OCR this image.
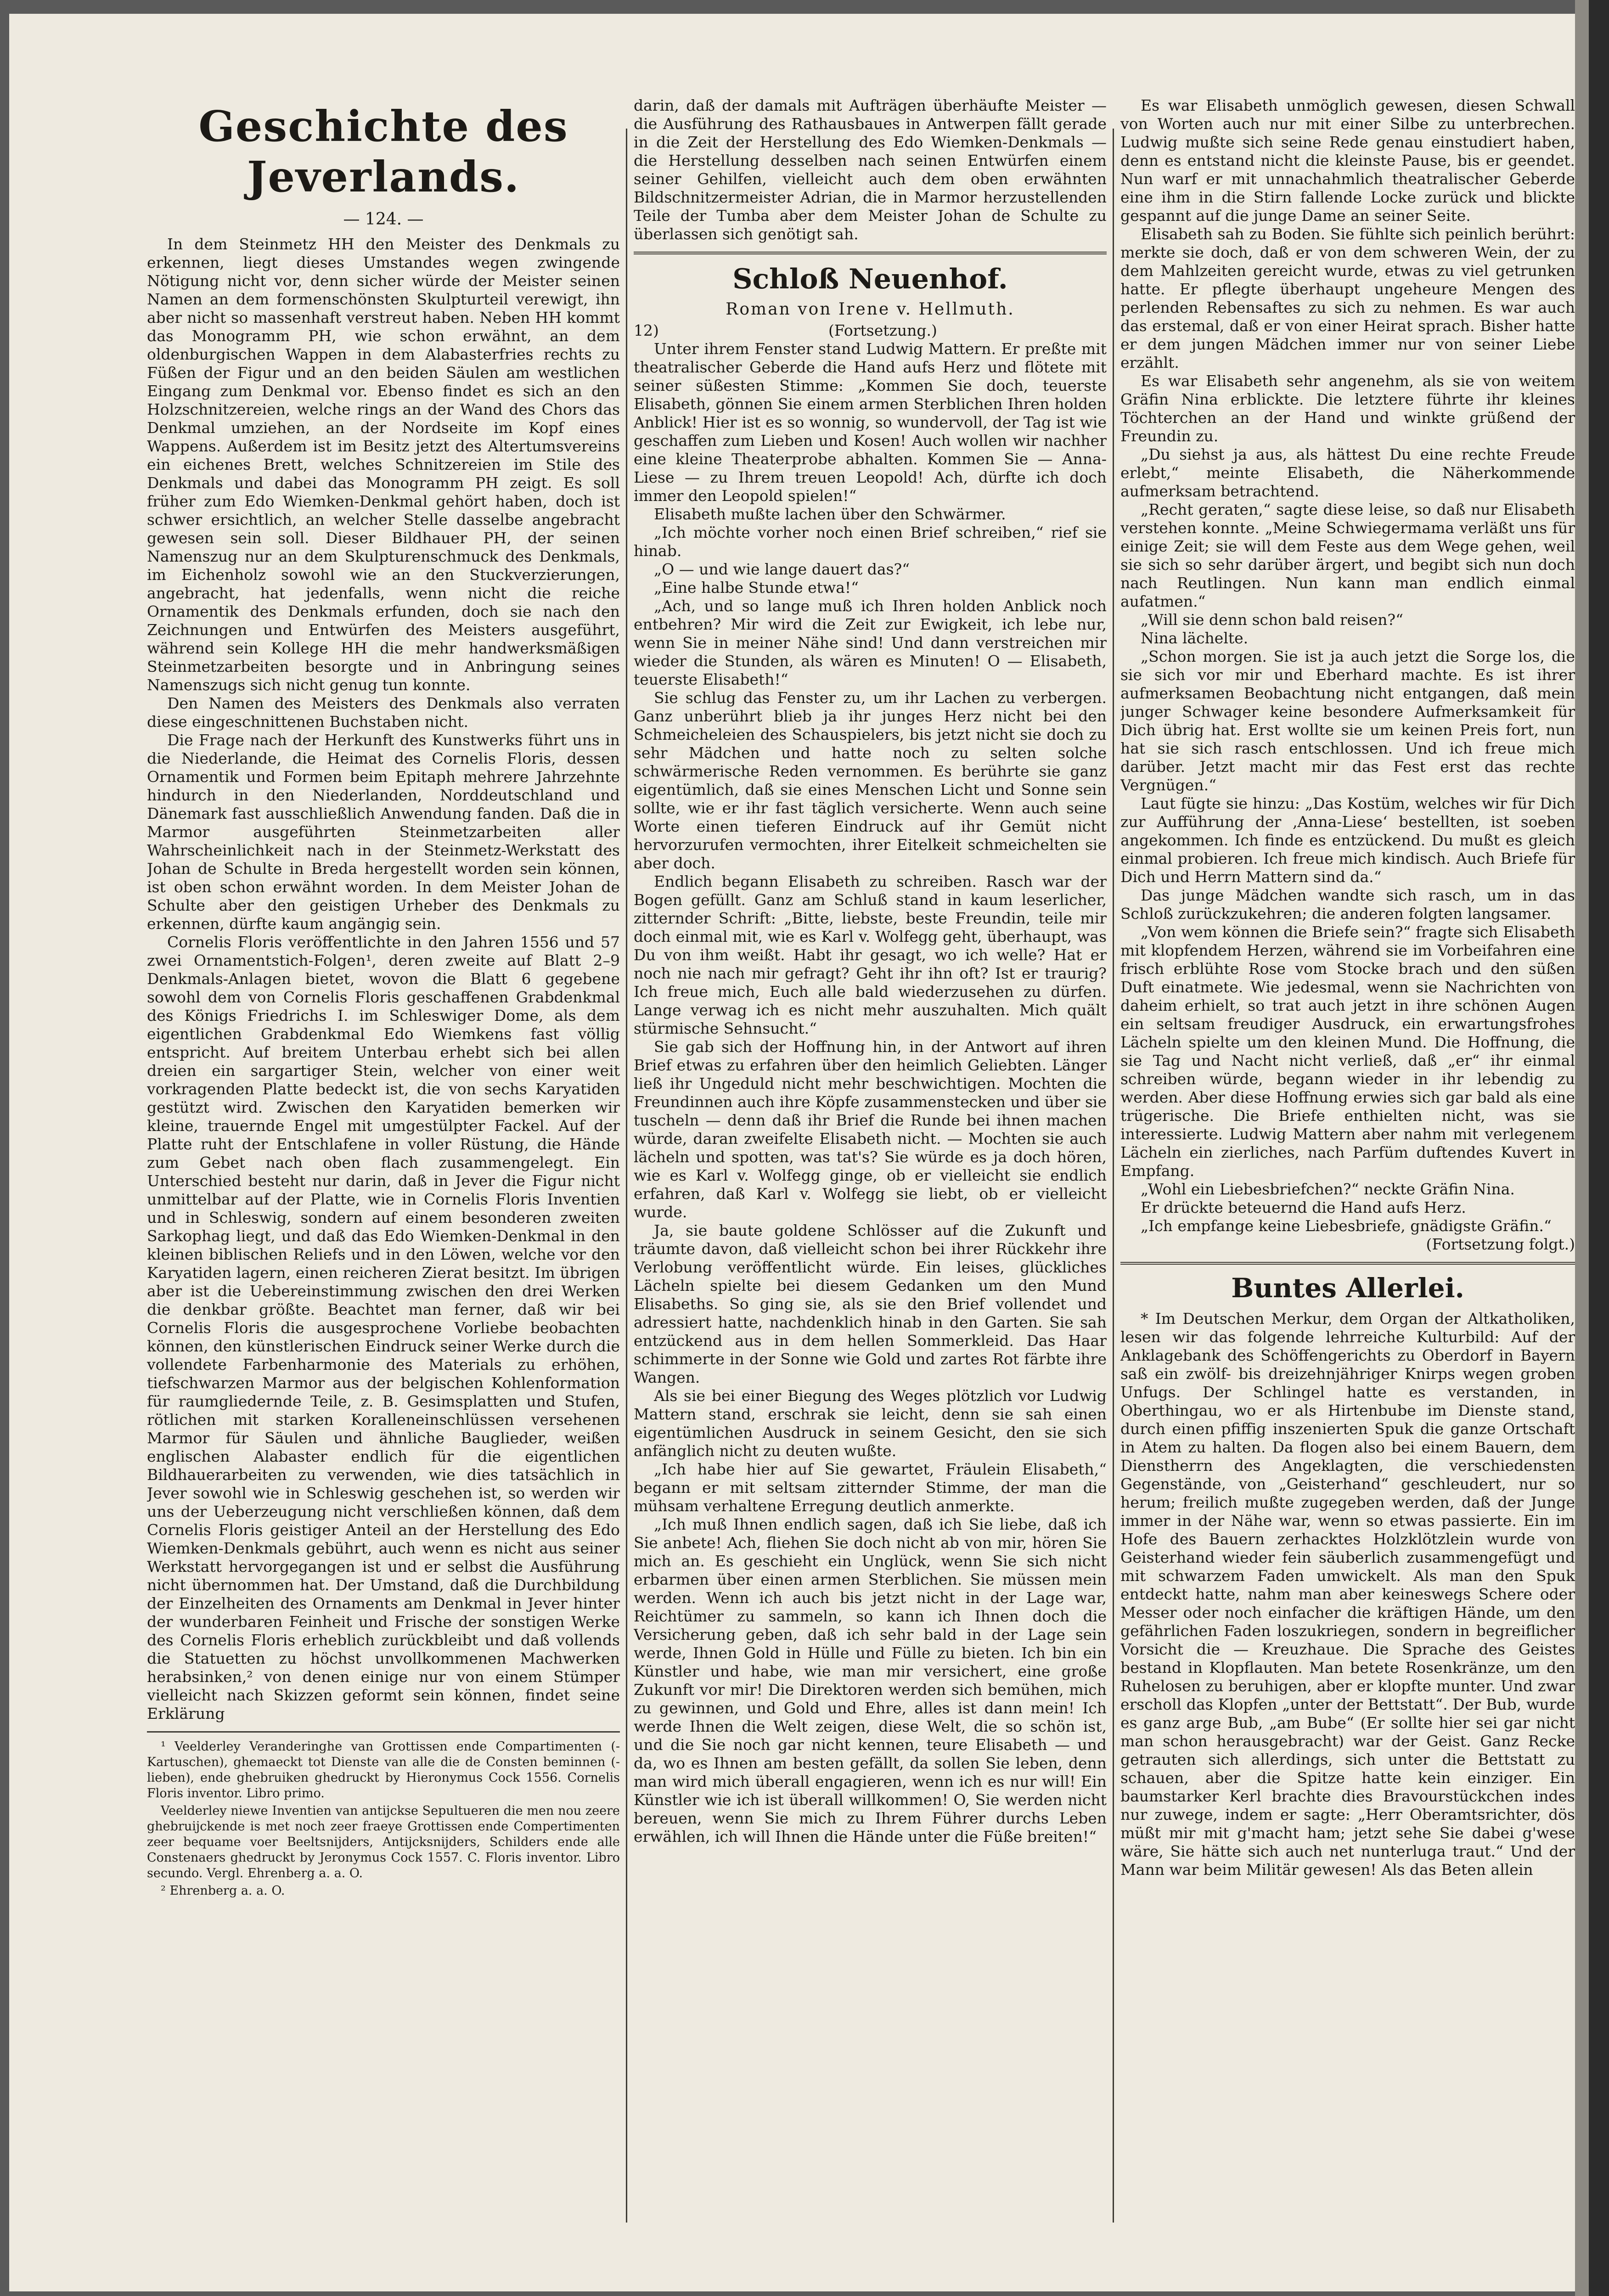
Geschichte des Jeverlands.
— 124. —

In dem Steinmetz HH den Meister des Denkmals zu erkennen, liegt dieses Umstandes wegen zwingende Nötigung nicht vor, denn sicher würde der Meister seinen Namen an dem formenschönsten Skulpturteil verewigt, ihn aber nicht so massenhaft verstreut haben. Neben HH kommt das Monogramm PH, wie schon erwähnt, an dem oldenburgischen Wappen in dem Alabasterfries rechts zu Füßen der Figur und an den beiden Säulen am westlichen Eingang zum Denkmal vor. Ebenso findet es sich an den Holzschnitzereien, welche rings an der Wand des Chors das Denkmal umziehen, an der Nordseite im Kopf eines Wappens. Außerdem ist im Besitz jetzt des Altertumsvereins ein eichenes Brett, welches Schnitzereien im Stile des Denkmals und dabei das Monogramm PH zeigt. Es soll früher zum Edo Wiemken-Denkmal gehört haben, doch ist schwer ersichtlich, an welcher Stelle dasselbe angebracht gewesen sein soll. Dieser Bildhauer PH, der seinen Namenszug nur an dem Skulpturenschmuck des Denkmals, im Eichenholz sowohl wie an den Stuckverzierungen, angebracht, hat jedenfalls, wenn nicht die reiche Ornamentik des Denkmals erfunden, doch sie nach den Zeichnungen und Entwürfen des Meisters ausgeführt, während sein Kollege HH die mehr handwerksmäßigen Steinmetzarbeiten besorgte und in Anbringung seines Namenszugs sich nicht genug tun konnte.

Den Namen des Meisters des Denkmals also verraten diese eingeschnittenen Buchstaben nicht.

Die Frage nach der Herkunft des Kunstwerks führt uns in die Niederlande, die Heimat des Cornelis Floris, dessen Ornamentik und Formen beim Epitaph mehrere Jahrzehnte hindurch in den Niederlanden, Norddeutschland und Dänemark fast ausschließlich Anwendung fanden. Daß die in Marmor ausgeführten Steinmetzarbeiten aller Wahrscheinlichkeit nach in der Steinmetz-Werkstatt des Johan de Schulte in Breda hergestellt worden sein können, ist oben schon erwähnt worden. In dem Meister Johan de Schulte aber den geistigen Urheber des Denkmals zu erkennen, dürfte kaum angängig sein.

Cornelis Floris veröffentlichte in den Jahren 1556 und 57 zwei Ornamentstich-Folgen¹, deren zweite auf Blatt 2–9 Denkmals-Anlagen bietet, wovon die Blatt 6 gegebene sowohl dem von Cornelis Floris geschaffenen Grabdenkmal des Königs Friedrichs I. im Schleswiger Dome, als dem eigentlichen Grabdenkmal Edo Wiemkens fast völlig entspricht. Auf breitem Unterbau erhebt sich bei allen dreien ein sargartiger Stein, welcher von einer weit vorkragenden Platte bedeckt ist, die von sechs Karyatiden gestützt wird. Zwischen den Karyatiden bemerken wir kleine, trauernde Engel mit umgestülpter Fackel. Auf der Platte ruht der Entschlafene in voller Rüstung, die Hände zum Gebet nach oben flach zusammengelegt. Ein Unterschied besteht nur darin, daß in Jever die Figur nicht unmittelbar auf der Platte, wie in Cornelis Floris Inventien und in Schleswig, sondern auf einem besonderen zweiten Sarkophag liegt, und daß das Edo Wiemken-Denkmal in den kleinen biblischen Reliefs und in den Löwen, welche vor den Karyatiden lagern, einen reicheren Zierat besitzt. Im übrigen aber ist die Uebereinstimmung zwischen den drei Werken die denkbar größte. Beachtet man ferner, daß wir bei Cornelis Floris die ausgesprochene Vorliebe beobachten können, den künstlerischen Eindruck seiner Werke durch die vollendete Farbenharmonie des Materials zu erhöhen, tiefschwarzen Marmor aus der belgischen Kohlenformation für raumgliedernde Teile, z. B. Gesimsplatten und Stufen, rötlichen mit starken Koralleneinschlüssen versehenen Marmor für Säulen und ähnliche Bauglieder, weißen englischen Alabaster endlich für die eigentlichen Bildhauerarbeiten zu verwenden, wie dies tatsächlich in Jever sowohl wie in Schleswig geschehen ist, so werden wir uns der Ueberzeugung nicht verschließen können, daß dem Cornelis Floris geistiger Anteil an der Herstellung des Edo Wiemken-Denkmals gebührt, auch wenn es nicht aus seiner Werkstatt hervorgegangen ist und er selbst die Ausführung nicht übernommen hat. Der Umstand, daß die Durchbildung der Einzelheiten des Ornaments am Denkmal in Jever hinter der wunderbaren Feinheit und Frische der sonstigen Werke des Cornelis Floris erheblich zurückbleibt und daß vollends die Statuetten zu höchst unvollkommenen Machwerken herabsinken,² von denen einige nur von einem Stümper vielleicht nach Skizzen geformt sein können, findet seine Erklärung

¹ Veelderley Veranderinghe van Grottissen ende Compartimenten (-Kartuschen), ghemaeckt tot Dienste van alle die de Consten beminnen (-lieben), ende ghebruiken ghedruckt by Hieronymus Cock 1556. Cornelis Floris inventor. Libro primo.

Veelderley niewe Inventien van antijckse Sepultueren die men nou zeere ghebruijckende is met noch zeer fraeye Grottissen ende Compertimenten zeer bequame voer Beeltsnijders, Antijcksnijders, Schilders ende alle Constenaers ghedruckt by Jeronymus Cock 1557. C. Floris inventor. Libro secundo. Vergl. Ehrenberg a. a. O.

² Ehrenberg a. a. O.

darin, daß der damals mit Aufträgen überhäufte Meister — die Ausführung des Rathausbaues in Antwerpen fällt gerade in die Zeit der Herstellung des Edo Wiemken-Denkmals — die Herstellung desselben nach seinen Entwürfen einem seiner Gehilfen, vielleicht auch dem oben erwähnten Bildschnitzermeister Adrian, die in Marmor herzustellenden Teile der Tumba aber dem Meister Johan de Schulte zu überlassen sich genötigt sah.

Schloß Neuenhof.
Roman von Irene v. Hellmuth.
12)	(Fortsetzung.)

Unter ihrem Fenster stand Ludwig Mattern. Er preßte mit theatralischer Geberde die Hand aufs Herz und flötete mit seiner süßesten Stimme: „Kommen Sie doch, teuerste Elisabeth, gönnen Sie einem armen Sterblichen Ihren holden Anblick! Hier ist es so wonnig, so wundervoll, der Tag ist wie geschaffen zum Lieben und Kosen! Auch wollen wir nachher eine kleine Theaterprobe abhalten. Kommen Sie — Anna-Liese — zu Ihrem treuen Leopold! Ach, dürfte ich doch immer den Leopold spielen!“

Elisabeth mußte lachen über den Schwärmer.

„Ich möchte vorher noch einen Brief schreiben,“ rief sie hinab.

„O — und wie lange dauert das?“

„Eine halbe Stunde etwa!“

„Ach, und so lange muß ich Ihren holden Anblick noch entbehren? Mir wird die Zeit zur Ewigkeit, ich lebe nur, wenn Sie in meiner Nähe sind! Und dann verstreichen mir wieder die Stunden, als wären es Minuten! O — Elisabeth, teuerste Elisabeth!“

Sie schlug das Fenster zu, um ihr Lachen zu verbergen. Ganz unberührt blieb ja ihr junges Herz nicht bei den Schmeicheleien des Schauspielers, bis jetzt nicht sie doch zu sehr Mädchen und hatte noch zu selten solche schwärmerische Reden vernommen. Es berührte sie ganz eigentümlich, daß sie eines Menschen Licht und Sonne sein sollte, wie er ihr fast täglich versicherte. Wenn auch seine Worte einen tieferen Eindruck auf ihr Gemüt nicht hervorzurufen vermochten, ihrer Eitelkeit schmeichelten sie aber doch.

Endlich begann Elisabeth zu schreiben. Rasch war der Bogen gefüllt. Ganz am Schluß stand in kaum leserlicher, zitternder Schrift: „Bitte, liebste, beste Freundin, teile mir doch einmal mit, wie es Karl v. Wolfegg geht, überhaupt, was Du von ihm weißt. Habt ihr gesagt, wo ich welle? Hat er noch nie nach mir gefragt? Geht ihr ihn oft? Ist er traurig? Ich freue mich, Euch alle bald wiederzusehen zu dürfen. Lange verwag ich es nicht mehr auszuhalten. Mich quält stürmische Sehnsucht.“

Sie gab sich der Hoffnung hin, in der Antwort auf ihren Brief etwas zu erfahren über den heimlich Geliebten. Länger ließ ihr Ungeduld nicht mehr beschwichtigen. Mochten die Freundinnen auch ihre Köpfe zusammenstecken und über sie tuscheln — denn daß ihr Brief die Runde bei ihnen machen würde, daran zweifelte Elisabeth nicht. — Mochten sie auch lächeln und spotten, was tat's? Sie würde es ja doch hören, wie es Karl v. Wolfegg ginge, ob er vielleicht sie endlich erfahren, daß Karl v. Wolfegg sie liebt, ob er vielleicht wurde.

Ja, sie baute goldene Schlösser auf die Zukunft und träumte davon, daß vielleicht schon bei ihrer Rückkehr ihre Verlobung veröffentlicht würde. Ein leises, glückliches Lächeln spielte bei diesem Gedanken um den Mund Elisabeths. So ging sie, als sie den Brief vollendet und adressiert hatte, nachdenklich hinab in den Garten. Sie sah entzückend aus in dem hellen Sommerkleid. Das Haar schimmerte in der Sonne wie Gold und zartes Rot färbte ihre Wangen.

Als sie bei einer Biegung des Weges plötzlich vor Ludwig Mattern stand, erschrak sie leicht, denn sie sah einen eigentümlichen Ausdruck in seinem Gesicht, den sie sich anfänglich nicht zu deuten wußte.

„Ich habe hier auf Sie gewartet, Fräulein Elisabeth,“ begann er mit seltsam zitternder Stimme, der man die mühsam verhaltene Erregung deutlich anmerkte.

„Ich muß Ihnen endlich sagen, daß ich Sie liebe, daß ich Sie anbete! Ach, fliehen Sie doch nicht ab von mir, hören Sie mich an. Es geschieht ein Unglück, wenn Sie sich nicht erbarmen über einen armen Sterblichen. Sie müssen mein werden. Wenn ich auch bis jetzt nicht in der Lage war, Reichtümer zu sammeln, so kann ich Ihnen doch die Versicherung geben, daß ich sehr bald in der Lage sein werde, Ihnen Gold in Hülle und Fülle zu bieten. Ich bin ein Künstler und habe, wie man mir versichert, eine große Zukunft vor mir! Die Direktoren werden sich bemühen, mich zu gewinnen, und Gold und Ehre, alles ist dann mein! Ich werde Ihnen die Welt zeigen, diese Welt, die so schön ist, und die Sie noch gar nicht kennen, teure Elisabeth — und da, wo es Ihnen am besten gefällt, da sollen Sie leben, denn man wird mich überall engagieren, wenn ich es nur will! Ein Künstler wie ich ist überall willkommen! O, Sie werden nicht bereuen, wenn Sie mich zu Ihrem Führer durchs Leben erwählen, ich will Ihnen die Hände unter die Füße breiten!“

Es war Elisabeth unmöglich gewesen, diesen Schwall von Worten auch nur mit einer Silbe zu unterbrechen. Ludwig mußte sich seine Rede genau einstudiert haben, denn es entstand nicht die kleinste Pause, bis er geendet. Nun warf er mit unnachahmlich theatralischer Geberde eine ihm in die Stirn fallende Locke zurück und blickte gespannt auf die junge Dame an seiner Seite.

Elisabeth sah zu Boden. Sie fühlte sich peinlich berührt: merkte sie doch, daß er von dem schweren Wein, der zu dem Mahlzeiten gereicht wurde, etwas zu viel getrunken hatte. Er pflegte überhaupt ungeheure Mengen des perlenden Rebensaftes zu sich zu nehmen. Es war auch das erstemal, daß er von einer Heirat sprach. Bisher hatte er dem jungen Mädchen immer nur von seiner Liebe erzählt.

Es war Elisabeth sehr angenehm, als sie von weitem Gräfin Nina erblickte. Die letztere führte ihr kleines Töchterchen an der Hand und winkte grüßend der Freundin zu.

„Du siehst ja aus, als hättest Du eine rechte Freude erlebt,“ meinte Elisabeth, die Näherkommende aufmerksam betrachtend.

„Recht geraten,“ sagte diese leise, so daß nur Elisabeth verstehen konnte. „Meine Schwiegermama verläßt uns für einige Zeit; sie will dem Feste aus dem Wege gehen, weil sie sich so sehr darüber ärgert, und begibt sich nun doch nach Reutlingen. Nun kann man endlich einmal aufatmen.“

„Will sie denn schon bald reisen?“

Nina lächelte.

„Schon morgen. Sie ist ja auch jetzt die Sorge los, die sie sich vor mir und Eberhard machte. Es ist ihrer aufmerksamen Beobachtung nicht entgangen, daß mein junger Schwager keine besondere Aufmerksamkeit für Dich übrig hat. Erst wollte sie um keinen Preis fort, nun hat sie sich rasch entschlossen. Und ich freue mich darüber. Jetzt macht mir das Fest erst das rechte Vergnügen.“

Laut fügte sie hinzu: „Das Kostüm, welches wir für Dich zur Aufführung der ‚Anna-Liese‘ bestellten, ist soeben angekommen. Ich finde es entzückend. Du mußt es gleich einmal probieren. Ich freue mich kindisch. Auch Briefe für Dich und Herrn Mattern sind da.“

Das junge Mädchen wandte sich rasch, um in das Schloß zurückzukehren; die anderen folgten langsamer.

„Von wem können die Briefe sein?“ fragte sich Elisabeth mit klopfendem Herzen, während sie im Vorbeifahren eine frisch erblühte Rose vom Stocke brach und den süßen Duft einatmete. Wie jedesmal, wenn sie Nachrichten von daheim erhielt, so trat auch jetzt in ihre schönen Augen ein seltsam freudiger Ausdruck, ein erwartungsfrohes Lächeln spielte um den kleinen Mund. Die Hoffnung, die sie Tag und Nacht nicht verließ, daß „er“ ihr einmal schreiben würde, begann wieder in ihr lebendig zu werden. Aber diese Hoffnung erwies sich gar bald als eine trügerische. Die Briefe enthielten nicht, was sie interessierte. Ludwig Mattern aber nahm mit verlegenem Lächeln ein zierliches, nach Parfüm duftendes Kuvert in Empfang.

„Wohl ein Liebesbriefchen?“ neckte Gräfin Nina.

Er drückte beteuernd die Hand aufs Herz.

„Ich empfange keine Liebesbriefe, gnädigste Gräfin.“

(Fortsetzung folgt.)
Buntes Allerlei.

* Im Deutschen Merkur, dem Organ der Altkatholiken, lesen wir das folgende lehrreiche Kulturbild: Auf der Anklagebank des Schöffengerichts zu Oberdorf in Bayern saß ein zwölf- bis dreizehnjähriger Knirps wegen groben Unfugs. Der Schlingel hatte es verstanden, in Oberthingau, wo er als Hirtenbube im Dienste stand, durch einen pfiffig inszenierten Spuk die ganze Ortschaft in Atem zu halten. Da flogen also bei einem Bauern, dem Dienstherrn des Angeklagten, die verschiedensten Gegenstände, von „Geisterhand“ geschleudert, nur so herum; freilich mußte zugegeben werden, daß der Junge immer in der Nähe war, wenn so etwas passierte. Ein im Hofe des Bauern zerhacktes Holzklötzlein wurde von Geisterhand wieder fein säuberlich zusammengefügt und mit schwarzem Faden umwickelt. Als man den Spuk entdeckt hatte, nahm man aber keineswegs Schere oder Messer oder noch einfacher die kräftigen Hände, um den gefährlichen Faden loszukriegen, sondern in begreiflicher Vorsicht die — Kreuzhaue. Die Sprache des Geistes bestand in Klopflauten. Man betete Rosenkränze, um den Ruhelosen zu beruhigen, aber er klopfte munter. Und zwar erscholl das Klopfen „unter der Bettstatt“. Der Bub, wurde es ganz arge Bub, „am Bube“ (Er sollte hier sei gar nicht man schon herausgebracht) war der Geist. Ganz Recke getrauten sich allerdings, sich unter die Bettstatt zu schauen, aber die Spitze hatte kein einziger. Ein baumstarker Kerl brachte dies Bravourstückchen indes nur zuwege, indem er sagte: „Herr Oberamtsrichter, dös müßt mir mit g'macht ham; jetzt sehe Sie dabei g'wese wäre, Sie hätte sich auch net nunterluga traut.“ Und der Mann war beim Militär gewesen! Als das Beten allein
